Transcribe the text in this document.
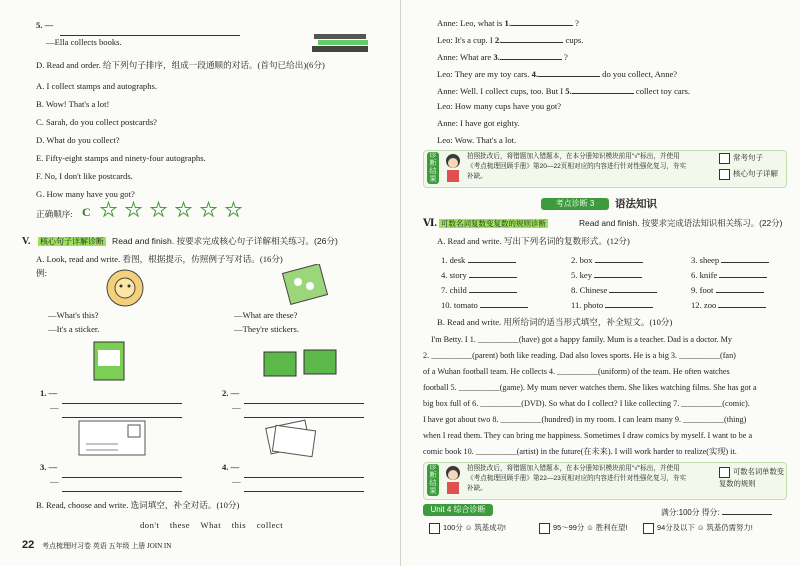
5. —
—Ella collects books.
D. Read and order. 给下列句子排序，组成一段通顺的对话。(首句已给出)(6分)
A. I collect stamps and autographs.
B. Wow! That's a lot!
C. Sarah, do you collect postcards?
D. What do you collect?
E. Fifty-eight stamps and ninety-four autographs.
F. No, I don't like postcards.
G. How many have you got?
正确顺序: C ★ ★ ★ ★ ★ ★
V. 核心句子详解诊断 Read and finish. 按要求完成核心句子详解相关练习。(26分)
A. Look, read and write. 看图，根据提示，仿照例子写对话。(16分)
例:
—What's this?
—It's a sticker.
—What are these?
—They're stickers.
1. —
—
2. —
—
3. —
—
4. —
—
B. Read, choose and write. 选词填空，补全对话。(10分)
don't    these    What    this    collect
22 考点梳理时习卷 英语 五年级 上册 JOIN IN
Anne: Leo, what is 1.	?
Leo: It's a cup. I 2.	cups.
Anne: What are 3.	?
Leo: They are my toy cars. 4.	do you collect, Anne?
Anne: Well. I collect cups, too. But I 5.	collect toy cars.
Leo: How many cups have you got?
Anne: I have got eighty.
Leo: Wow. That's a lot.
诊断结果
拍照批改后，将错题加入错题本，在本分册知识模块前用"√"标出，并使用
《考点梳理回顾手册》第20—22页相对应的内容进行针对性强化复习，夯实
补缺。
常考句子
核心句子详解
考点诊断 3	语法知识
Ⅵ. 可数名词复数变复数的规则诊断	Read and finish. 按要求完成语法知识相关练习。(22分)
A. Read and write. 写出下列名词的复数形式。(12分)
1. desk	2. box	3. sheep
4. story	5. key	6. knife
7. child	8. Chinese	9. foot
10. tomato	11. photo	12. zoo
B. Read and write. 用所给词的适当形式填空，补全短文。(10分)
I'm Betty. I 1. __________(have) got a happy family. Mum is a teacher. Dad is a doctor. My
2. __________(parent) both like reading. Dad also loves sports. He is a big 3. __________(fan)
of a Wuhan football team. He collects 4. __________(uniform) of the team. He often watches
football 5. __________(game). My mum never watches them. She likes watching films. She has got a
big box full of 6. __________(DVD). So what do I collect? I like collecting 7. __________(comic).
I have got about two 8. __________(hundred) in my room. I can learn many 9. __________(thing)
when I read them. They can bring me happiness. Sometimes I draw comics by myself. I want to be a
comic book 10. __________(artist) in the future(在未来). I will work harder to realize(实现) it.
诊断结果
拍照批改后，将错题加入错题本，在本分册知识模块前用"√"标出，并使用
《考点梳理回顾手册》第22—23页相对应的内容进行针对性强化复习，夯实
补缺。
可数名词单数变复数的规则
Unit 4 综合诊断	满分:100分 得分:
100分 ☺ 筑基成功!	95～99分 ☺ 胜利在望!	94分及以下 ☺ 筑基仍需努力!
